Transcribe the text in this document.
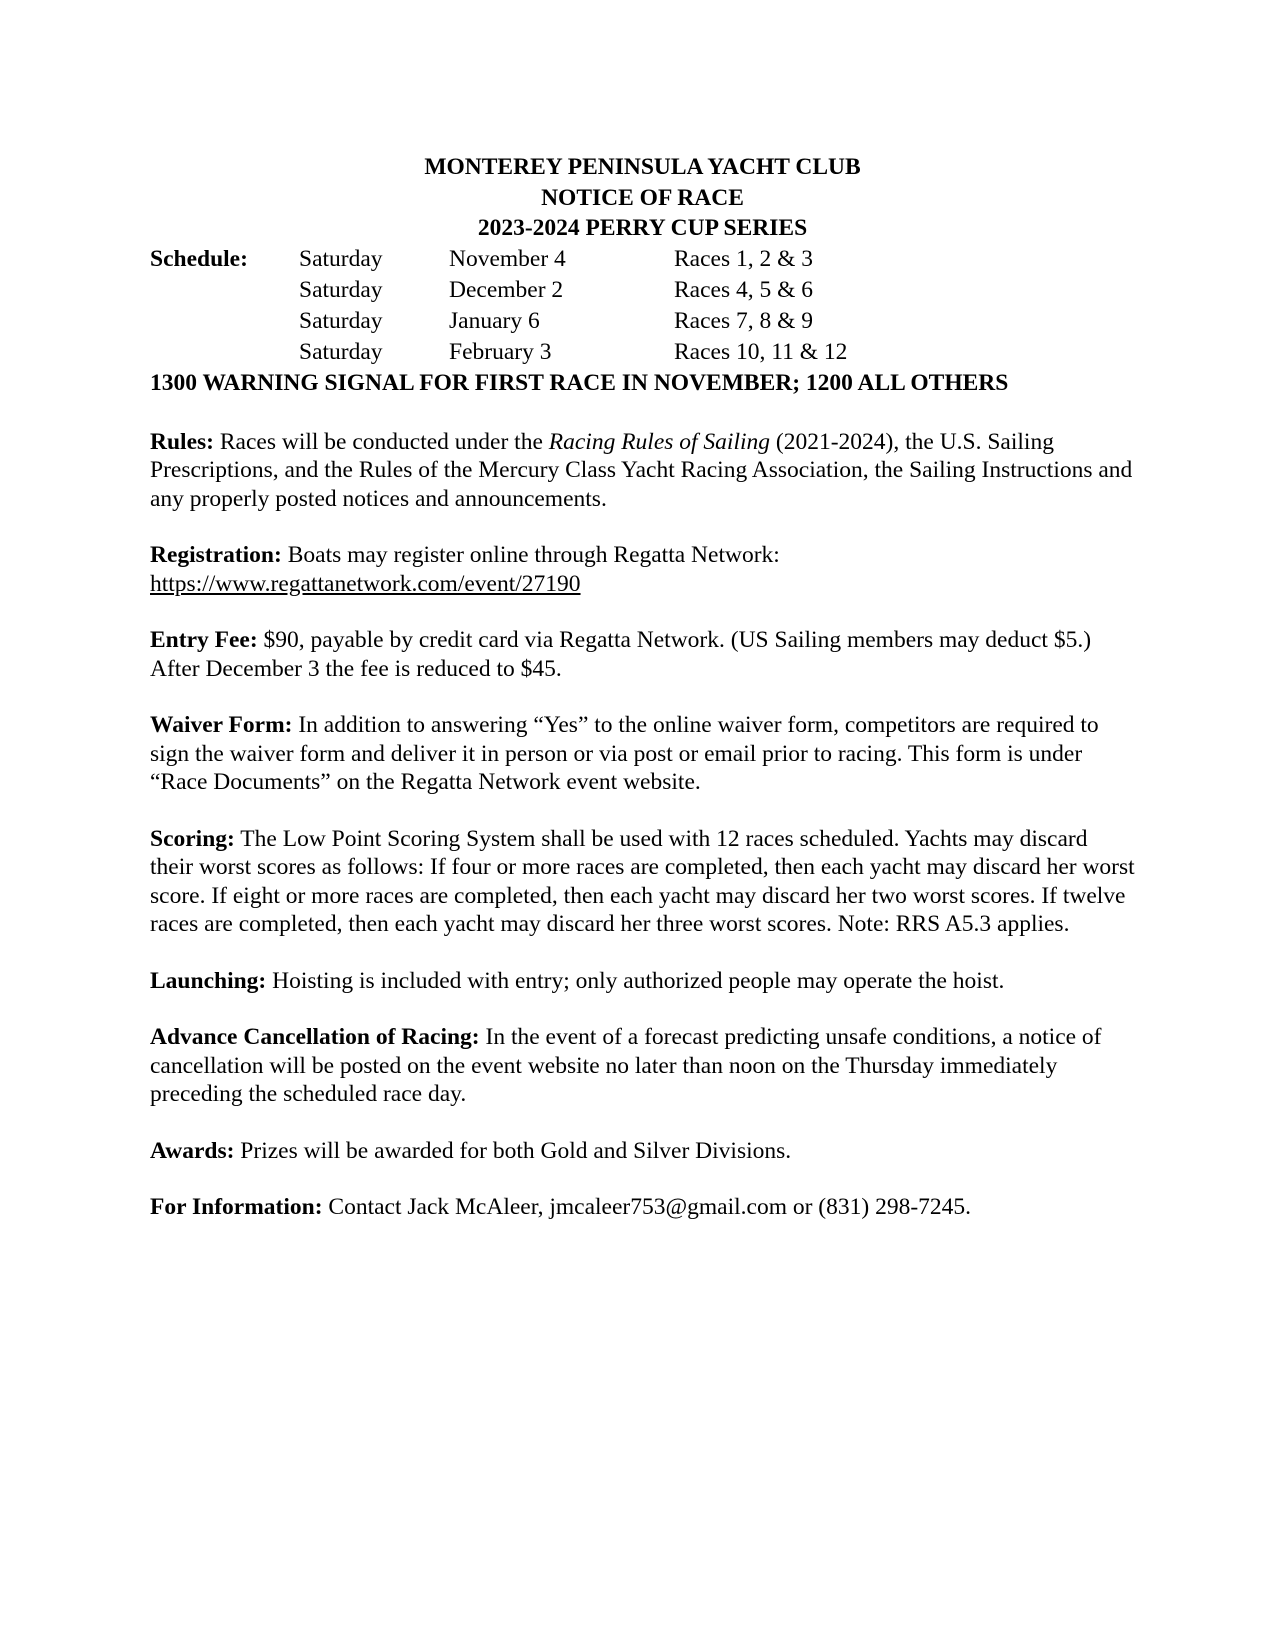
MONTEREY PENINSULA YACHT CLUB

NOTICE OF RACE

2023-2024 PERRY CUP SERIES

Schedule: Saturday	November 4	Races 1, 2 & 3
Saturday	December 2	Races 4, 5 & 6
Saturday	January 6	Races 7, 8 & 9
Saturday	February 3	Races 10, 11 & 12

1300 WARNING SIGNAL FOR FIRST RACE IN NOVEMBER; 1200 ALL OTHERS

Rules: Races will be conducted under the Racing Rules of Sailing (2021-2024), the U.S. Sailing Prescriptions, and the Rules of the Mercury Class Yacht Racing Association, the Sailing Instructions and any properly posted notices and announcements.

Registration: Boats may register online through Regatta Network:
https://www.regattanetwork.com/event/27190

Entry Fee: $90, payable by credit card via Regatta Network. (US Sailing members may deduct $5.) After December 3 the fee is reduced to $45.

Waiver Form: In addition to answering “Yes” to the online waiver form, competitors are required to sign the waiver form and deliver it in person or via post or email prior to racing. This form is under “Race Documents” on the Regatta Network event website.

Scoring: The Low Point Scoring System shall be used with 12 races scheduled. Yachts may discard their worst scores as follows: If four or more races are completed, then each yacht may discard her worst score. If eight or more races are completed, then each yacht may discard her two worst scores. If twelve races are completed, then each yacht may discard her three worst scores. Note: RRS A5.3 applies.

Launching: Hoisting is included with entry; only authorized people may operate the hoist.

Advance Cancellation of Racing: In the event of a forecast predicting unsafe conditions, a notice of cancellation will be posted on the event website no later than noon on the Thursday immediately preceding the scheduled race day.

Awards: Prizes will be awarded for both Gold and Silver Divisions.

For Information: Contact Jack McAleer, jmcaleer753@gmail.com or (831) 298-7245.
